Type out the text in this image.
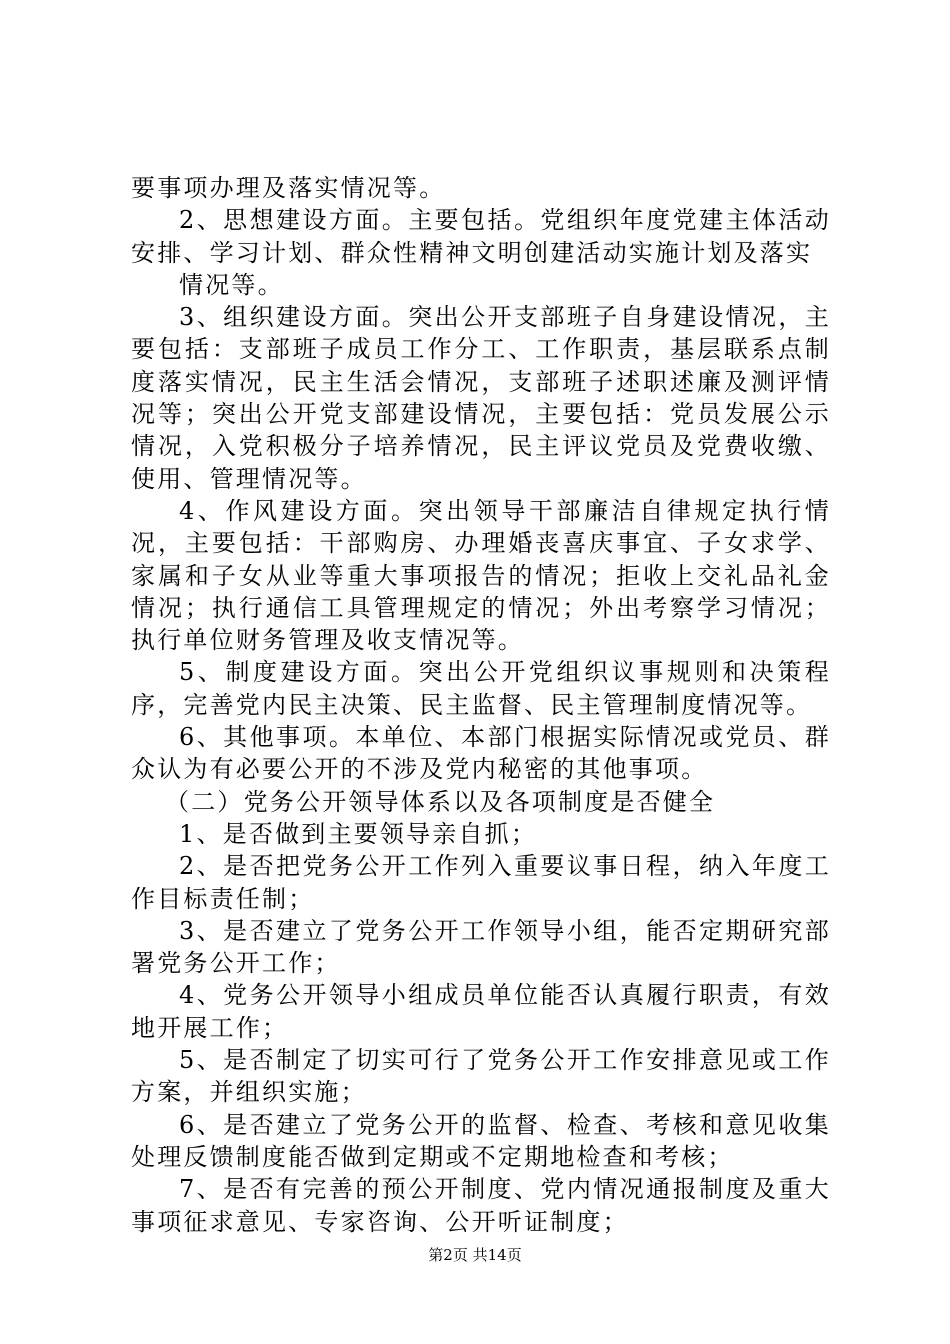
要事项办理及落实情况等。

2、思想建设方面。主要包括。党组织年度党建主体活动安排、学习计划、群众性精神文明创建活动实施计划及落实

情况等。

3、组织建设方面。突出公开支部班子自身建设情况，主要包括：支部班子成员工作分工、工作职责，基层联系点制度落实情况，民主生活会情况，支部班子述职述廉及测评情况等；突出公开党支部建设情况，主要包括：党员发展公示情况，入党积极分子培养情况，民主评议党员及党费收缴、使用、管理情况等。

4、作风建设方面。突出领导干部廉洁自律规定执行情况，主要包括：干部购房、办理婚丧喜庆事宜、子女求学、家属和子女从业等重大事项报告的情况；拒收上交礼品礼金情况；执行通信工具管理规定的情况；外出考察学习情况；执行单位财务管理及收支情况等。

5、制度建设方面。突出公开党组织议事规则和决策程序，完善党内民主决策、民主监督、民主管理制度情况等。

6、其他事项。本单位、本部门根据实际情况或党员、群众认为有必要公开的不涉及党内秘密的其他事项。

（二）党务公开领导体系以及各项制度是否健全

1、是否做到主要领导亲自抓；

2、是否把党务公开工作列入重要议事日程，纳入年度工作目标责任制；

3、是否建立了党务公开工作领导小组，能否定期研究部署党务公开工作；

4、党务公开领导小组成员单位能否认真履行职责，有效地开展工作；

5、是否制定了切实可行了党务公开工作安排意见或工作方案，并组织实施；

6、是否建立了党务公开的监督、检查、考核和意见收集处理反馈制度能否做到定期或不定期地检查和考核；

7、是否有完善的预公开制度、党内情况通报制度及重大事项征求意见、专家咨询、公开听证制度；

第2页 共14页
